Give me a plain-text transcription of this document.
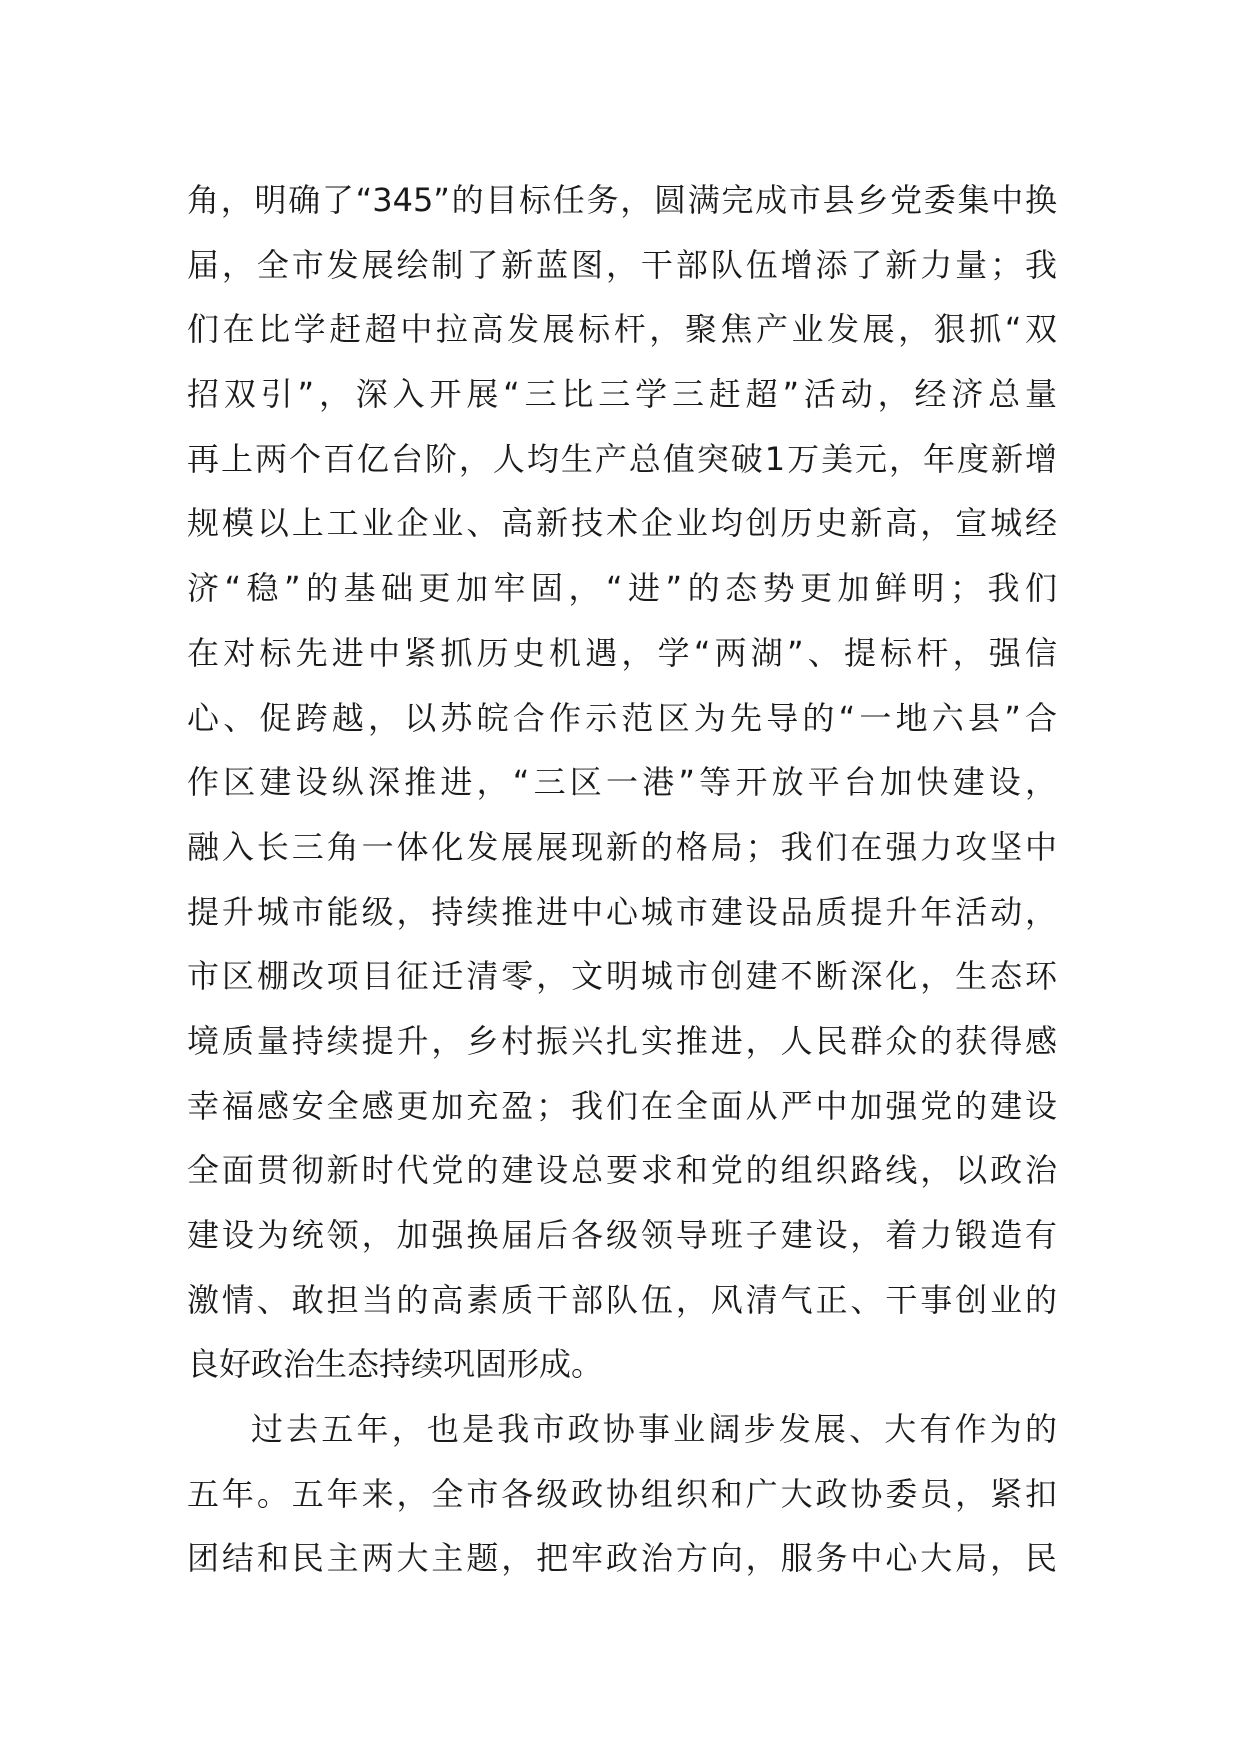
角，明确了“345”的目标任务，圆满完成市县乡党委集中换
届，全市发展绘制了新蓝图，干部队伍增添了新力量；我
们在比学赶超中拉高发展标杆，聚焦产业发展，狠抓“双
招双引”，深入开展“三比三学三赶超”活动，经济总量
再上两个百亿台阶，人均生产总值突破1万美元，年度新增
规模以上工业企业、高新技术企业均创历史新高，宣城经
济“稳”的基础更加牢固，“进”的态势更加鲜明；我们
在对标先进中紧抓历史机遇，学“两湖”、提标杆，强信
心、促跨越，以苏皖合作示范区为先导的“一地六县”合
作区建设纵深推进，“三区一港”等开放平台加快建设，
融入长三角一体化发展展现新的格局；我们在强力攻坚中
提升城市能级，持续推进中心城市建设品质提升年活动，
市区棚改项目征迁清零，文明城市创建不断深化，生态环
境质量持续提升，乡村振兴扎实推进，人民群众的获得感
幸福感安全感更加充盈；我们在全面从严中加强党的建设
全面贯彻新时代党的建设总要求和党的组织路线，以政治
建设为统领，加强换届后各级领导班子建设，着力锻造有
激情、敢担当的高素质干部队伍，风清气正、干事创业的
良好政治生态持续巩固形成。
过去五年，也是我市政协事业阔步发展、大有作为的
五年。五年来，全市各级政协组织和广大政协委员，紧扣
团结和民主两大主题，把牢政治方向，服务中心大局，民
